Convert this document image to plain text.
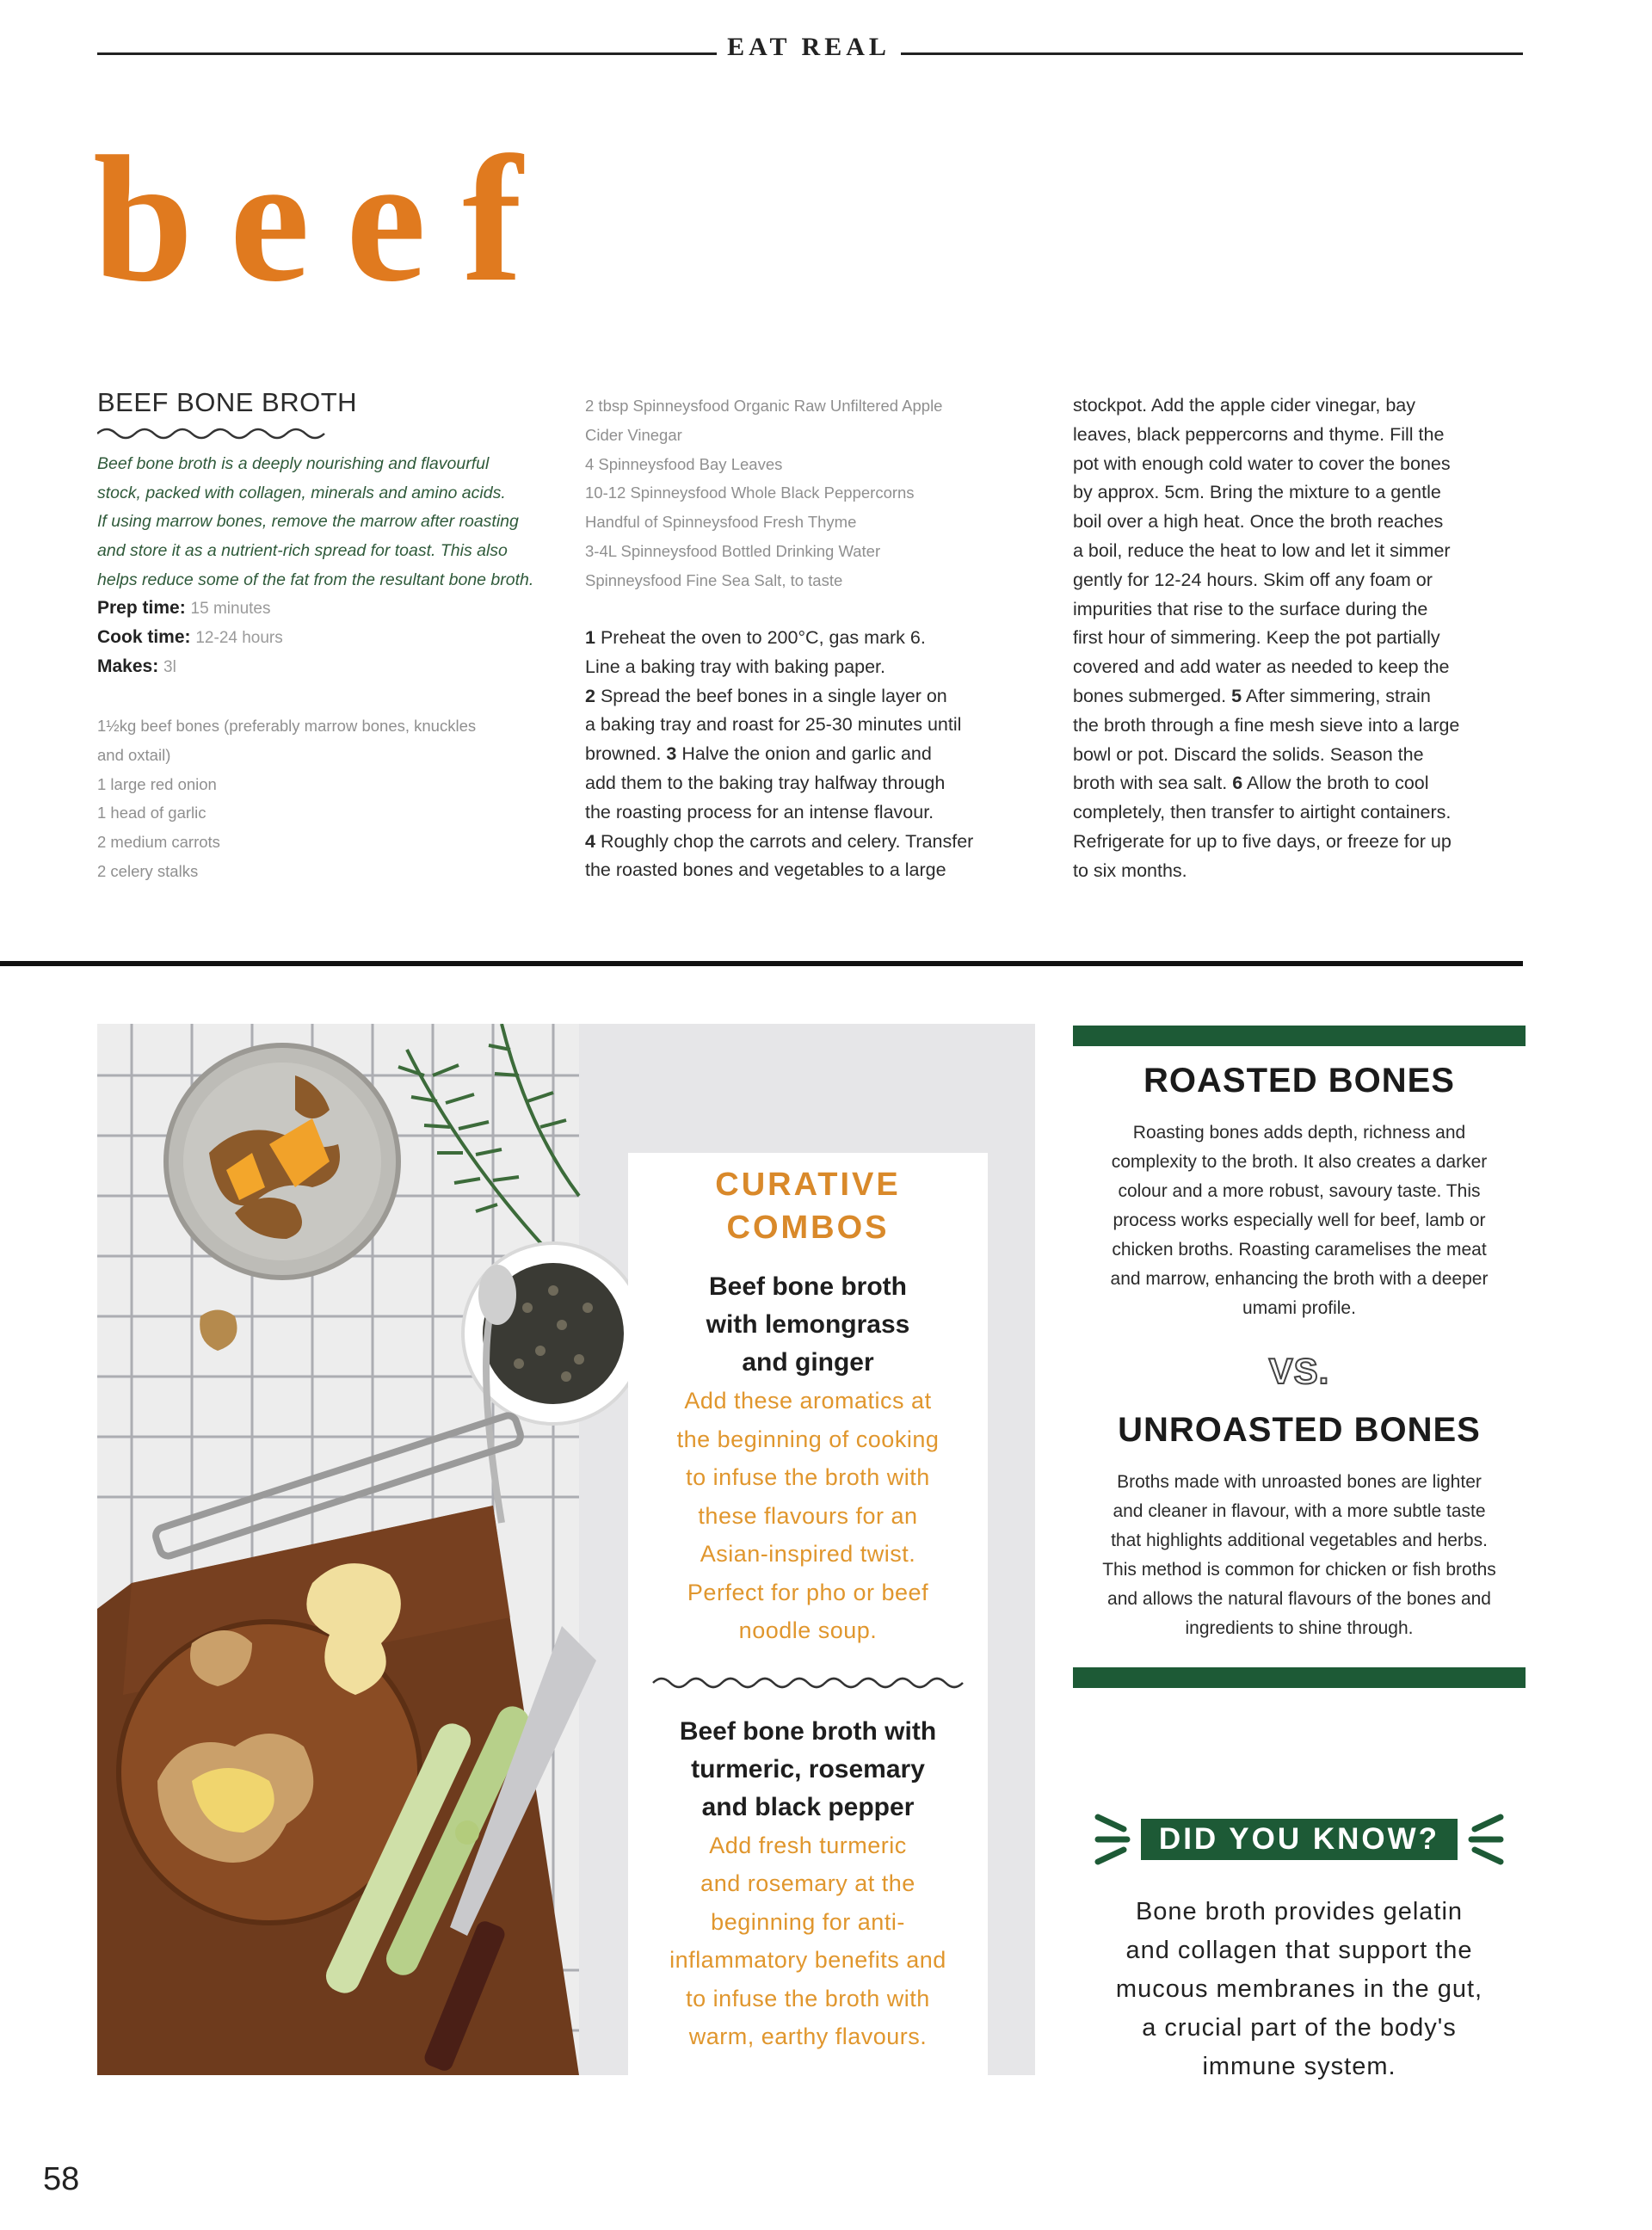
EAT REAL
beef
BEEF BONE BROTH
Beef bone broth is a deeply nourishing and flavourful
stock, packed with collagen, minerals and amino acids.
If using marrow bones, remove the marrow after roasting
and store it as a nutrient-rich spread for toast. This also
helps reduce some of the fat from the resultant bone broth.
Prep time: 15 minutes
Cook time: 12-24 hours
Makes: 3l
1½kg beef bones (preferably marrow bones, knuckles
and oxtail)
1 large red onion
1 head of garlic
2 medium carrots
2 celery stalks
2 tbsp Spinneysfood Organic Raw Unfiltered Apple
Cider Vinegar
4 Spinneysfood Bay Leaves
10-12 Spinneysfood Whole Black Peppercorns
Handful of Spinneysfood Fresh Thyme
3-4L Spinneysfood Bottled Drinking Water
Spinneysfood Fine Sea Salt, to taste
1 Preheat the oven to 200°C, gas mark 6.
Line a baking tray with baking paper.
2 Spread the beef bones in a single layer on
a baking tray and roast for 25-30 minutes until
browned. 3 Halve the onion and garlic and
add them to the baking tray halfway through
the roasting process for an intense flavour.
4 Roughly chop the carrots and celery. Transfer
the roasted bones and vegetables to a large
stockpot. Add the apple cider vinegar, bay
leaves, black peppercorns and thyme. Fill the
pot with enough cold water to cover the bones
by approx. 5cm. Bring the mixture to a gentle
boil over a high heat. Once the broth reaches
a boil, reduce the heat to low and let it simmer
gently for 12-24 hours. Skim off any foam or
impurities that rise to the surface during the
first hour of simmering. Keep the pot partially
covered and add water as needed to keep the
bones submerged. 5 After simmering, strain
the broth through a fine mesh sieve into a large
bowl or pot. Discard the solids. Season the
broth with sea salt. 6 Allow the broth to cool
completely, then transfer to airtight containers.
Refrigerate for up to five days, or freeze for up
to six months.
CURATIVE
COMBOS
Beef bone broth
with lemongrass
and ginger
Add these aromatics at
the beginning of cooking
to infuse the broth with
these flavours for an
Asian-inspired twist.
Perfect for pho or beef
noodle soup.
Beef bone broth with
turmeric, rosemary
and black pepper
Add fresh turmeric
and rosemary at the
beginning for anti-
inflammatory benefits and
to infuse the broth with
warm, earthy flavours.
ROASTED BONES
Roasting bones adds depth, richness and
complexity to the broth. It also creates a darker
colour and a more robust, savoury taste. This
process works especially well for beef, lamb or
chicken broths. Roasting caramelises the meat
and marrow, enhancing the broth with a deeper
umami profile.
VS.
UNROASTED BONES
Broths made with unroasted bones are lighter
and cleaner in flavour, with a more subtle taste
that highlights additional vegetables and herbs.
This method is common for chicken or fish broths
and allows the natural flavours of the bones and
ingredients to shine through.
DID YOU KNOW?
Bone broth provides gelatin
and collagen that support the
mucous membranes in the gut,
a crucial part of the body's
immune system.
58
